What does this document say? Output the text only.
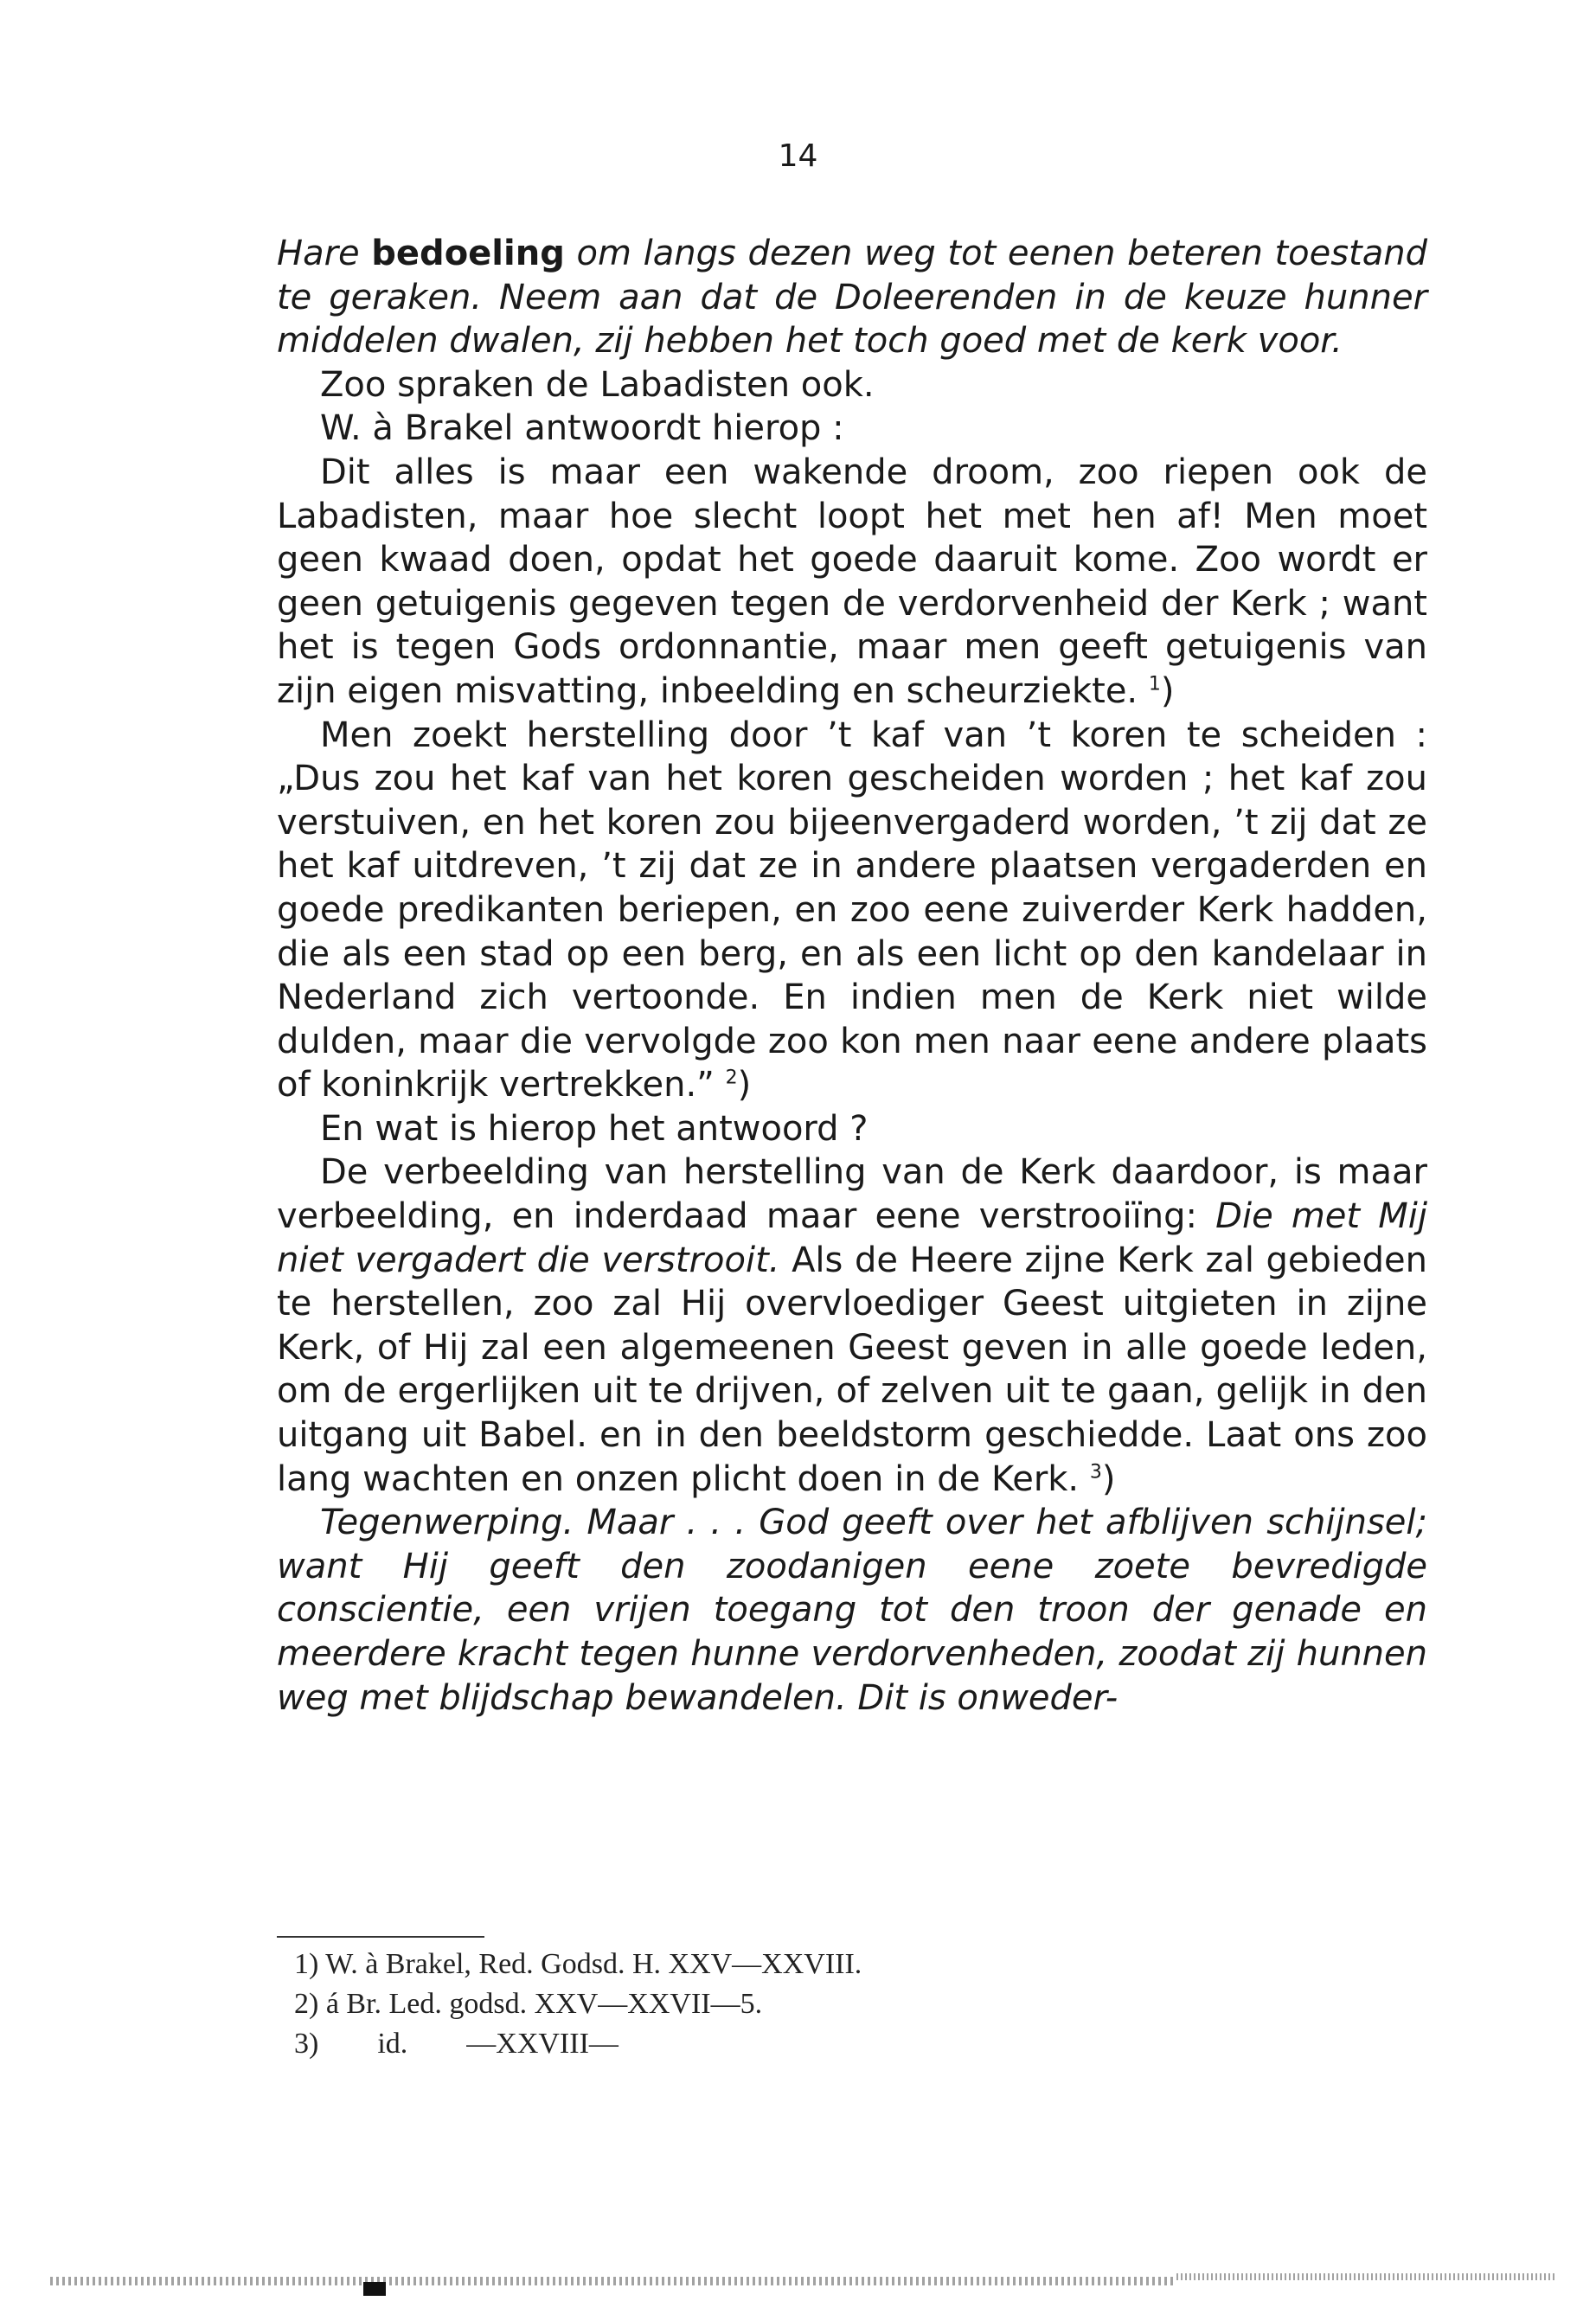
14

Hare bedoeling om langs dezen weg tot eenen beteren toestand te geraken. Neem aan dat de Doleerenden in de keuze hunner middelen dwalen, zij hebben het toch goed met de kerk voor.

Zoo spraken de Labadisten ook.

W. à Brakel antwoordt hierop :

Dit alles is maar een wakende droom, zoo riepen ook de Labadisten, maar hoe slecht loopt het met hen af! Men moet geen kwaad doen, opdat het goede daaruit kome. Zoo wordt er geen getuigenis gegeven tegen de verdorvenheid der Kerk ; want het is tegen Gods ordonnantie, maar men geeft getuigenis van zijn eigen misvatting, inbeelding en scheurziekte. $^1$)

Men zoekt herstelling door ’t kaf van ’t koren te scheiden : „Dus zou het kaf van het koren gescheiden worden ; het kaf zou verstuiven, en het koren zou bijeenvergaderd worden, ’t zij dat ze het kaf uitdreven, ’t zij dat ze in andere plaatsen vergaderden en goede predikanten beriepen, en zoo eene zuiverder Kerk hadden, die als een stad op een berg, en als een licht op den kandelaar in Nederland zich vertoonde. En indien men de Kerk niet wilde dulden, maar die vervolgde zoo kon men naar eene andere plaats of koninkrijk vertrekken.” $^2$)

En wat is hierop het antwoord ?

De verbeelding van herstelling van de Kerk daardoor, is maar verbeelding, en inderdaad maar eene verstrooiïng: Die met Mij niet vergadert die verstrooit. Als de Heere zijne Kerk zal gebieden te herstellen, zoo zal Hij overvloediger Geest uitgieten in zijne Kerk, of Hij zal een algemeenen Geest geven in alle goede leden, om de ergerlijken uit te drijven, of zelven uit te gaan, gelijk in den uitgang uit Babel. en in den beeldstorm geschiedde. Laat ons zoo lang wachten en onzen plicht doen in de Kerk. $^3$)

Tegenwerping. Maar . . . God geeft over het afblijven schijnsel; want Hij geeft den zoodanigen eene zoete bevredigde conscientie, een vrijen toegang tot den troon der genade en meerdere kracht tegen hunne verdorvenheden, zoodat zij hunnen weg met blijdschap bewandelen. Dit is onweder-

1) W. à Brakel, Red. Godsd. H. XXV—XXVIII.
2) á Br. Led. godsd. XXV—XXVII—5.
3)        id.        —XXVIII—
